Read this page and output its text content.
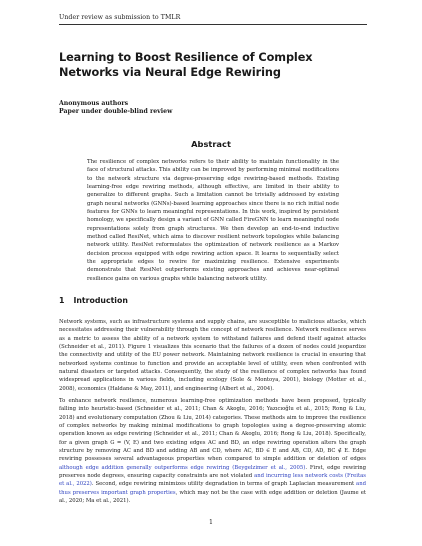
Under review as submission to TMLR
Learning to Boost Resilience of Complex Networks via Neural Edge Rewiring
Anonymous authors
Paper under double-blind review
Abstract
The resilience of complex networks refers to their ability to maintain functionality in the face of structural attacks. This ability can be improved by performing minimal modifications to the network structure via degree-preserving edge rewiring-based methods. Existing learning-free edge rewiring methods, although effective, are limited in their ability to generalize to different graphs. Such a limitation cannot be trivially addressed by existing graph neural networks (GNNs)-based learning approaches since there is no rich initial node features for GNNs to learn meaningful representations. In this work, inspired by persistent homology, we specifically design a variant of GNN called FireGNN to learn meaningful node representations solely from graph structures. We then develop an end-to-end inductive method called ResiNet, which aims to discover resilient network topologies while balancing network utility. ResiNet reformulates the optimization of network resilience as a Markov decision process equipped with edge rewiring action space. It learns to sequentially select the appropriate edges to rewire for maximizing resilience. Extensive experiments demonstrate that ResiNet outperforms existing approaches and achieves near-optimal resilience gains on various graphs while balancing network utility.
1 Introduction
Network systems, such as infrastructure systems and supply chains, are susceptible to malicious attacks, which necessitates addressing their vulnerability through the concept of network resilience. Network resilience serves as a metric to assess the ability of a network system to withstand failures and defend itself against attacks (Schneider et al., 2011). Figure 1 visualizes this scenario that the failures of a dozen of nodes could jeopardize the connectivity and utility of the EU power network. Maintaining network resilience is crucial in ensuring that networked systems continue to function and provide an acceptable level of utility, even when confronted with natural disasters or targeted attacks. Consequently, the study of the resilience of complex networks has found widespread applications in various fields, including ecology (Sole & Montoya, 2001), biology (Motter et al., 2008), economics (Haldane & May, 2011), and engineering (Albert et al., 2004).
To enhance network resilience, numerous learning-free optimization methods have been proposed, typically falling into heuristic-based (Schneider et al., 2011; Chan & Akoglu, 2016; Yazıcıoğlu et al., 2015; Rong & Liu, 2018) and evolutionary computation (Zhou & Liu, 2014) categories. These methods aim to improve the resilience of complex networks by making minimal modifications to graph topologies using a degree-preserving atomic operation known as edge rewiring (Schneider et al., 2011; Chan & Akoglu, 2016; Rong & Liu, 2018). Specifically, for a given graph G = (V, E) and two existing edges AC and BD, an edge rewiring operation alters the graph structure by removing AC and BD and adding AB and CD, where AC, BD ∈ E and AB, CD, AD, BC ∉ E. Edge rewiring possesses several advantageous properties when compared to simple addition or deletion of edges although edge addition generally outperforms edge rewiring (Beygelzimer et al., 2005). First, edge rewiring preserves node degrees, ensuring capacity constraints are not violated and incurring less network costs (Freitas et al., 2022). Second, edge rewiring minimizes utility degradation in terms of graph Laplacian measurement and thus preserves important graph properties, which may not be the case with edge addition or deletion (Jaume et al., 2020; Ma et al., 2021).
1
